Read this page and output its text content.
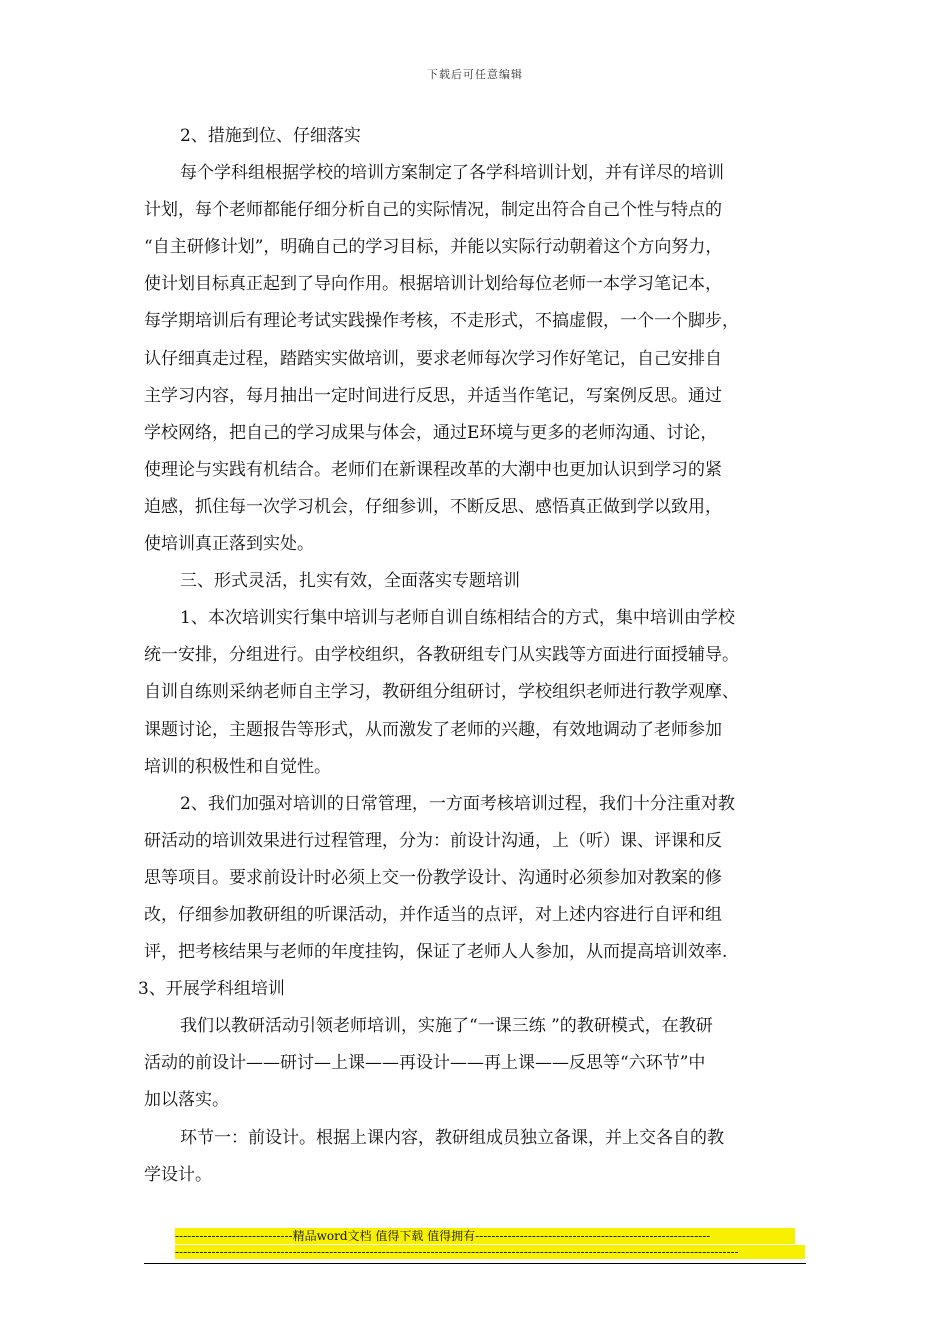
下载后可任意编辑
2、措施到位、仔细落实
每个学科组根据学校的培训方案制定了各学科培训计划，并有详尽的培训
计划，每个老师都能仔细分析自己的实际情况，制定出符合自己个性与特点的
“自主研修计划”，明确自己的学习目标，并能以实际行动朝着这个方向努力，
使计划目标真正起到了导向作用。根据培训计划给每位老师一本学习笔记本，
每学期培训后有理论考试实践操作考核，不走形式，不搞虚假，一个一个脚步，
认仔细真走过程，踏踏实实做培训，要求老师每次学习作好笔记，自己安排自
主学习内容，每月抽出一定时间进行反思，并适当作笔记，写案例反思。通过
学校网络，把自己的学习成果与体会，通过E环境与更多的老师沟通、讨论，
使理论与实践有机结合。老师们在新课程改革的大潮中也更加认识到学习的紧
迫感，抓住每一次学习机会，仔细参训，不断反思、感悟真正做到学以致用，
使培训真正落到实处。
三、形式灵活，扎实有效，全面落实专题培训
1、本次培训实行集中培训与老师自训自练相结合的方式，集中培训由学校
统一安排，分组进行。由学校组织，各教研组专门从实践等方面进行面授辅导。
自训自练则采纳老师自主学习，教研组分组研讨，学校组织老师进行教学观摩、
课题讨论，主题报告等形式，从而激发了老师的兴趣，有效地调动了老师参加
培训的积极性和自觉性。
2、我们加强对培训的日常管理，一方面考核培训过程，我们十分注重对教
研活动的培训效果进行过程管理，分为：前设计沟通，上（听）课、评课和反
思等项目。要求前设计时必须上交一份教学设计、沟通时必须参加对教案的修
改，仔细参加教研组的听课活动，并作适当的点评，对上述内容进行自评和组
评，把考核结果与老师的年度挂钩，保证了老师人人参加，从而提高培训效率.
3、开展学科组培训
我们以教研活动引领老师培训，实施了“一课三练 ”的教研模式，在教研
活动的前设计——研讨—上课——再设计——再上课——反思等“六环节”中
加以落实。
环节一：前设计。根据上课内容，教研组成员独立备课，并上交各自的教
学设计。
-----------------------------精品word文档 值得下载 值得拥有----------------------------------------------------------
-------------------------------------------------------------------------------------------------------------------------------------------
